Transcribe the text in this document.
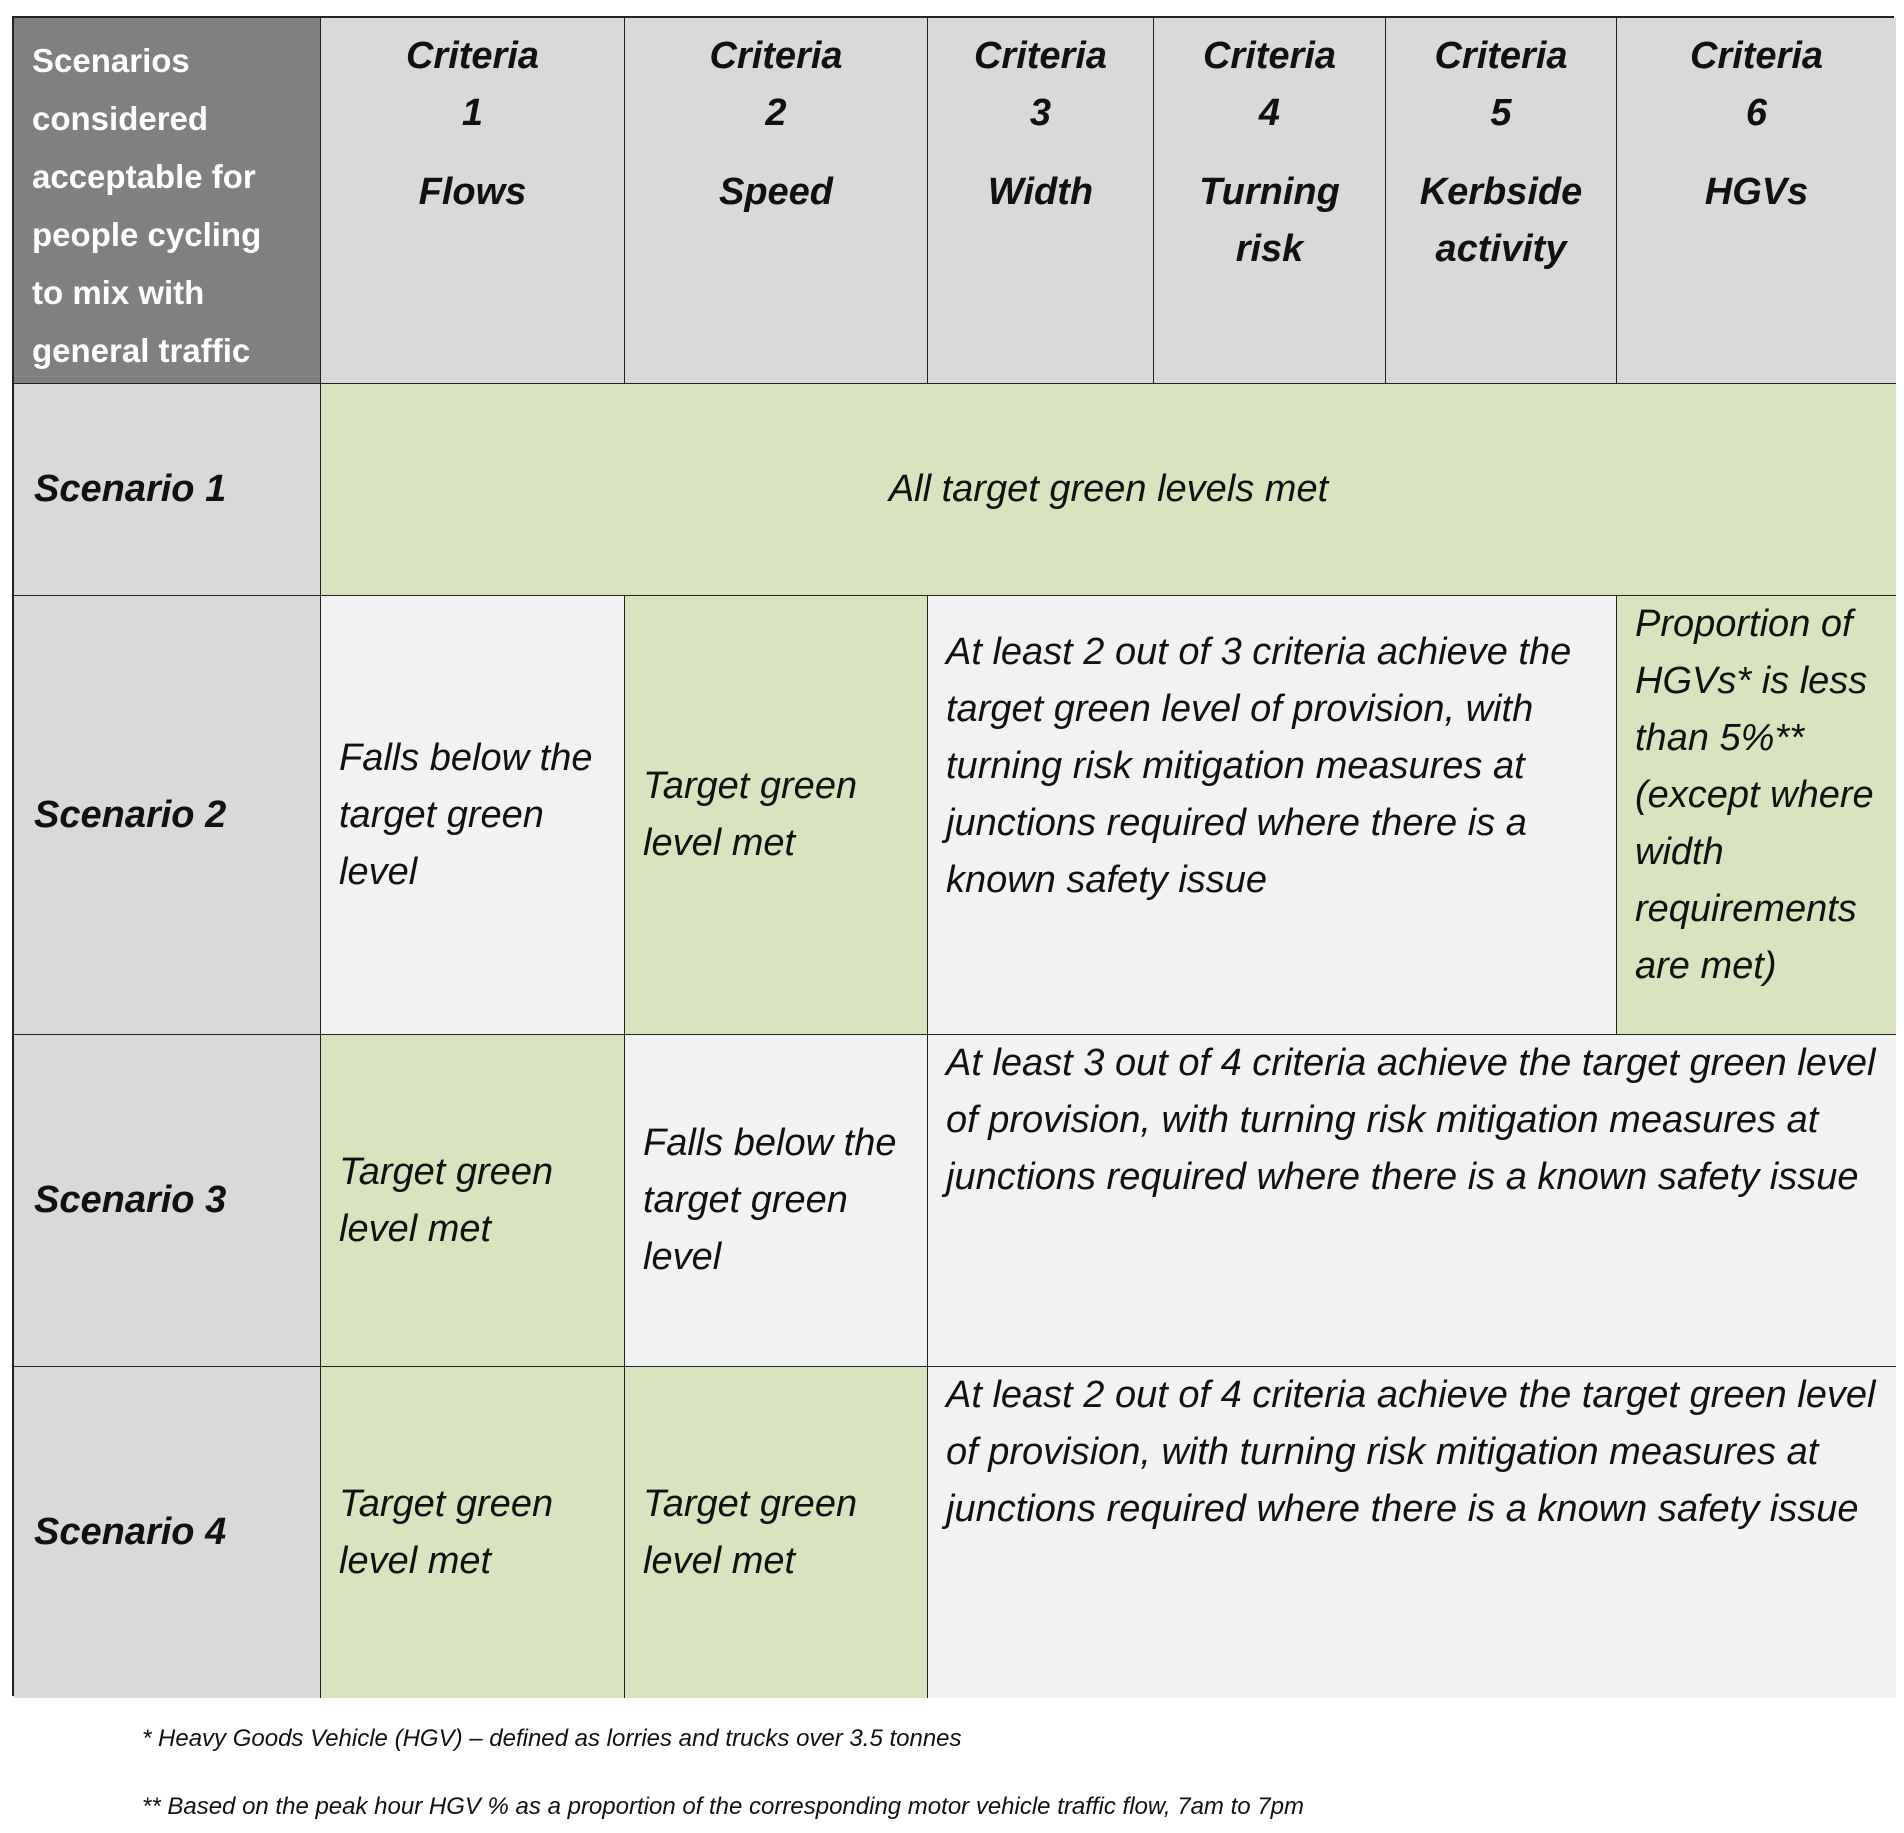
Scenarios
considered
acceptable for
people cycling
to mix with
general traffic
Criteria
1
Flows
Criteria
2
Speed
Criteria
3
Width
Criteria
4
Turning
risk
Criteria
5
Kerbside
activity
Criteria
6
HGVs
Scenario 1	All target green levels met
Scenario 2
Falls below the target green level
Target green level met
At least 2 out of 3 criteria achieve the target green level of provision, with turning risk mitigation measures at junctions required where there is a known safety issue
Proportion of HGVs* is less than 5%**(except where width requirements are met)
Scenario 3
Target green level met
Falls below the target green level
At least 3 out of 4 criteria achieve the target green level of provision, with turning risk mitigation measures at junctions required where there is a known safety issue
Scenario 4
Target green level met
Target green level met
At least 2 out of 4 criteria achieve the target green level of provision, with turning risk mitigation measures at junctions required where there is a known safety issue
* Heavy Goods Vehicle (HGV) – defined as lorries and trucks over 3.5 tonnes
** Based on the peak hour HGV % as a proportion of the corresponding motor vehicle traffic flow, 7am to 7pm
